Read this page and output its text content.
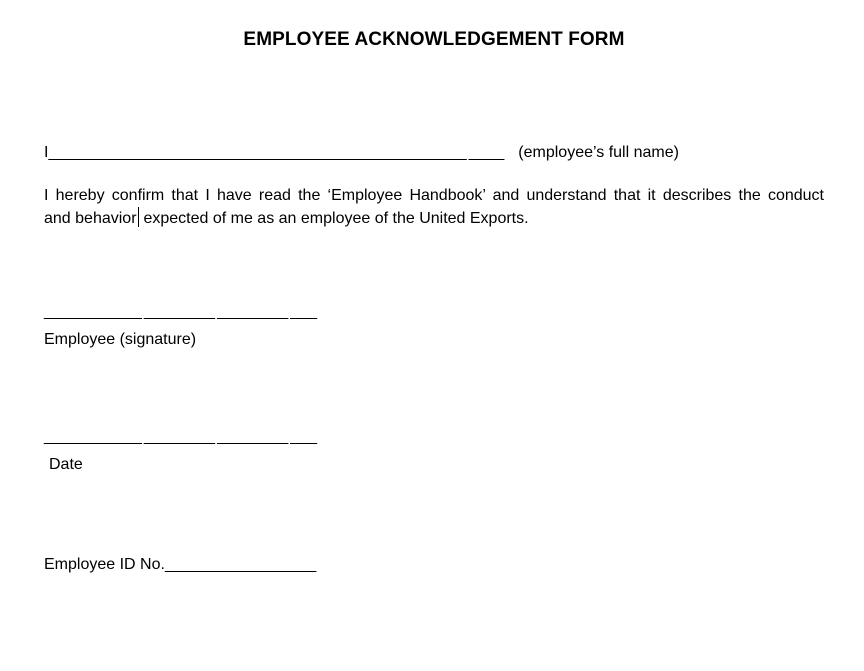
EMPLOYEE ACKNOWLEDGEMENT FORM
I_______________________________________________ ____ (employee’s full name)
I hereby confirm that I have read the ‘Employee Handbook’ and understand that it describes the conduct
and behavior expected of me as an employee of the United Exports.
___________ ________ ________ ___
Employee (signature)
___________ ________ ________ ___
Date
Employee ID No._________________
